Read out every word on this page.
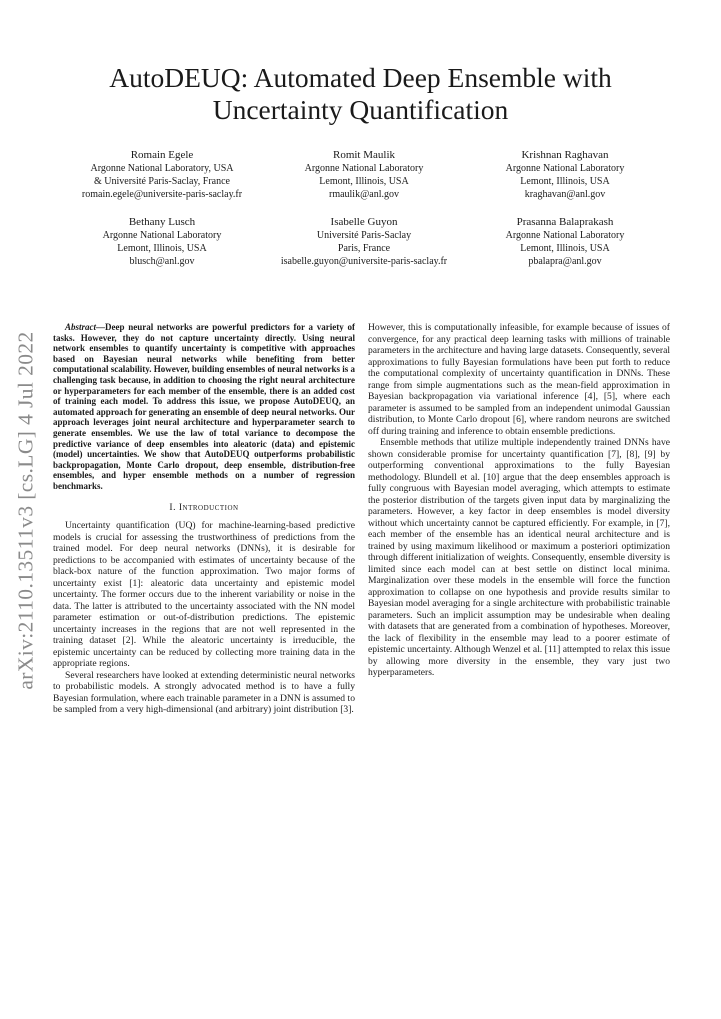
arXiv:2110.13511v3 [cs.LG] 4 Jul 2022
AutoDEUQ: Automated Deep Ensemble with Uncertainty Quantification
Romain Egele
Argonne National Laboratory, USA
& Université Paris-Saclay, France
romain.egele@universite-paris-saclay.fr
Romit Maulik
Argonne National Laboratory
Lemont, Illinois, USA
rmaulik@anl.gov
Krishnan Raghavan
Argonne National Laboratory
Lemont, Illinois, USA
kraghavan@anl.gov
Bethany Lusch
Argonne National Laboratory
Lemont, Illinois, USA
blusch@anl.gov
Isabelle Guyon
Université Paris-Saclay
Paris, France
isabelle.guyon@universite-paris-saclay.fr
Prasanna Balaprakash
Argonne National Laboratory
Lemont, Illinois, USA
pbalapra@anl.gov

Abstract—Deep neural networks are powerful predictors for a variety of tasks. However, they do not capture uncertainty directly. Using neural network ensembles to quantify uncertainty is competitive with approaches based on Bayesian neural networks while benefiting from better computational scalability. However, building ensembles of neural networks is a challenging task because, in addition to choosing the right neural architecture or hyperparameters for each member of the ensemble, there is an added cost of training each model. To address this issue, we propose AutoDEUQ, an automated approach for generating an ensemble of deep neural networks. Our approach leverages joint neural architecture and hyperparameter search to generate ensembles. We use the law of total variance to decompose the predictive variance of deep ensembles into aleatoric (data) and epistemic (model) uncertainties. We show that AutoDEUQ outperforms probabilistic backpropagation, Monte Carlo dropout, deep ensemble, distribution-free ensembles, and hyper ensemble methods on a number of regression benchmarks.

I. Introduction

Uncertainty quantification (UQ) for machine-learning-based predictive models is crucial for assessing the trustworthiness of predictions from the trained model. For deep neural networks (DNNs), it is desirable for predictions to be accompanied with estimates of uncertainty because of the black-box nature of the function approximation. Two major forms of uncertainty exist [1]: aleatoric data uncertainty and epistemic model uncertainty. The former occurs due to the inherent variability or noise in the data. The latter is attributed to the uncertainty associated with the NN model parameter estimation or out-of-distribution predictions. The epistemic uncertainty increases in the regions that are not well represented in the training dataset [2]. While the aleatoric uncertainty is irreducible, the epistemic uncertainty can be reduced by collecting more training data in the appropriate regions.

Several researchers have looked at extending deterministic neural networks to probabilistic models. A strongly advocated method is to have a fully Bayesian formulation, where each trainable parameter in a DNN is assumed to be sampled from a very high-dimensional (and arbitrary) joint distribution [3].

However, this is computationally infeasible, for example because of issues of convergence, for any practical deep learning tasks with millions of trainable parameters in the architecture and having large datasets. Consequently, several approximations to fully Bayesian formulations have been put forth to reduce the computational complexity of uncertainty quantification in DNNs. These range from simple augmentations such as the mean-field approximation in Bayesian backpropagation via variational inference [4], [5], where each parameter is assumed to be sampled from an independent unimodal Gaussian distribution, to Monte Carlo dropout [6], where random neurons are switched off during training and inference to obtain ensemble predictions.

Ensemble methods that utilize multiple independently trained DNNs have shown considerable promise for uncertainty quantification [7], [8], [9] by outperforming conventional approximations to the fully Bayesian methodology. Blundell et al. [10] argue that the deep ensembles approach is fully congruous with Bayesian model averaging, which attempts to estimate the posterior distribution of the targets given input data by marginalizing the parameters. However, a key factor in deep ensembles is model diversity without which uncertainty cannot be captured efficiently. For example, in [7], each member of the ensemble has an identical neural architecture and is trained by using maximum likelihood or maximum a posteriori optimization through different initialization of weights. Consequently, ensemble diversity is limited since each model can at best settle on distinct local minima. Marginalization over these models in the ensemble will force the function approximation to collapse on one hypothesis and provide results similar to Bayesian model averaging for a single architecture with probabilistic trainable parameters. Such an implicit assumption may be undesirable when dealing with datasets that are generated from a combination of hypotheses. Moreover, the lack of flexibility in the ensemble may lead to a poorer estimate of epistemic uncertainty. Although Wenzel et al. [11] attempted to relax this issue by allowing more diversity in the ensemble, they vary just two hyperparameters.
